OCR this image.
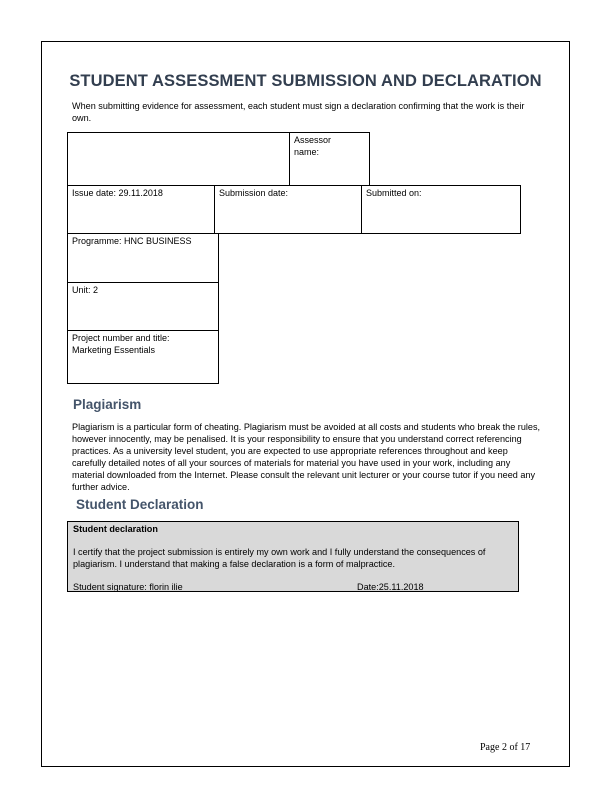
STUDENT ASSESSMENT SUBMISSION AND DECLARATION
When submitting evidence for assessment, each student must sign a declaration confirming that the work is their own.
Assessor
name:
Issue date: 29.11.2018	Submission date:	Submitted on:
Programme: HNC BUSINESS
Unit: 2
Project number and title:
Marketing Essentials
Plagiarism
Plagiarism is a particular form of cheating. Plagiarism must be avoided at all costs and students who break the rules, however innocently, may be penalised. It is your responsibility to ensure that you understand correct referencing practices. As a university level student, you are expected to use appropriate references throughout and keep carefully detailed notes of all your sources of materials for material you have used in your work, including any material downloaded from the Internet. Please consult the relevant unit lecturer or your course tutor if you need any further advice.
Student Declaration
Student declaration
I certify that the project submission is entirely my own work and I fully understand the consequences of plagiarism. I understand that making a false declaration is a form of malpractice.
Student signature: florin ilie	Date:25.11.2018
Page 2 of 17
